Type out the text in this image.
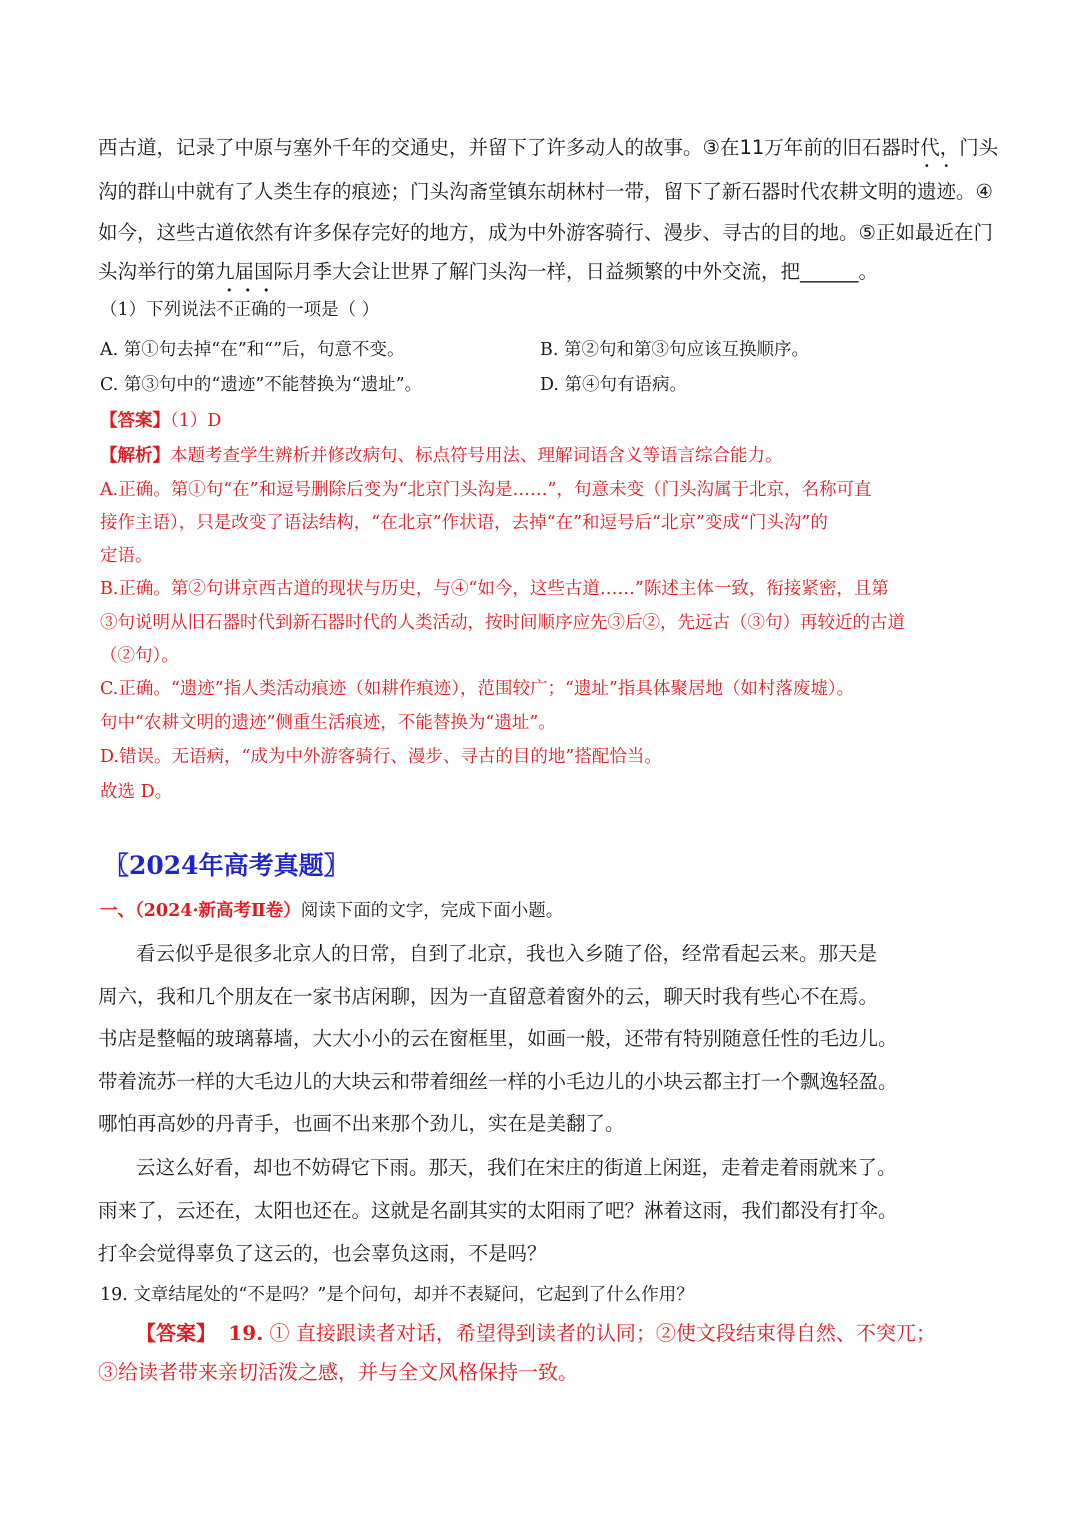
西古道，记录了中原与塞外千年的交通史，并留下了许多动人的故事。③在11万年前的旧石器时代，门头
沟的群山中就有了人类生存的痕迹；门头沟斋堂镇东胡林村一带，留下了新石器时代农耕文明的遗迹。④
如今，这些古道依然有许多保存完好的地方，成为中外游客骑行、漫步、寻古的目的地。⑤正如最近在门
头沟举行的第九届国际月季大会让世界了解门头沟一样，日益频繁的中外交流，把______。
•••
（1）下列说法不正确的一项是（ ）
A. 第①句去掉“在”和“”后，句意不变。	B. 第②句和第③句应该互换顺序。
C. 第③句中的“遗迹”不能替换为“遗址”。	D. 第④句有语病。
【答案】（1）D
【解析】本题考查学生辨析并修改病句、标点符号用法、理解词语含义等语言综合能力。
A.正确。第①句“在”和逗号删除后变为“北京门头沟是……”，句意未变（门头沟属于北京，名称可直
接作主语），只是改变了语法结构，“在北京”作状语，去掉“在”和逗号后“北京”变成“门头沟”的
定语。
B.正确。第②句讲京西古道的现状与历史，与④“如今，这些古道……”陈述主体一致，衔接紧密，且第
③句说明从旧石器时代到新石器时代的人类活动，按时间顺序应先③后②，先远古（③句）再较近的古道
（②句）。
C.正确。“遗迹”指人类活动痕迹（如耕作痕迹），范围较广；“遗址”指具体聚居地（如村落废墟）。
句中“农耕文明的遗迹”侧重生活痕迹，不能替换为“遗址”。
D.错误。无语病，“成为中外游客骑行、漫步、寻古的目的地”搭配恰当。
故选 D。
〖2024年高考真题〗
一、（2024·新高考Ⅱ卷）阅读下面的文字，完成下面小题。
看云似乎是很多北京人的日常，自到了北京，我也入乡随了俗，经常看起云来。那天是
周六，我和几个朋友在一家书店闲聊，因为一直留意着窗外的云，聊天时我有些心不在焉。
书店是整幅的玻璃幕墙，大大小小的云在窗框里，如画一般，还带有特别随意任性的毛边儿。
带着流苏一样的大毛边儿的大块云和带着细丝一样的小毛边儿的小块云都主打一个飘逸轻盈。
哪怕再高妙的丹青手，也画不出来那个劲儿，实在是美翻了。
云这么好看，却也不妨碍它下雨。那天，我们在宋庄的街道上闲逛，走着走着雨就来了。
雨来了，云还在，太阳也还在。这就是名副其实的太阳雨了吧？淋着这雨，我们都没有打伞。
打伞会觉得辜负了这云的，也会辜负这雨，不是吗？
19. 文章结尾处的“不是吗？”是个问句，却并不表疑问，它起到了什么作用？
【答案】 19. ① 直接跟读者对话，希望得到读者的认同；②使文段结束得自然、不突兀；
③给读者带来亲切活泼之感，并与全文风格保持一致。
